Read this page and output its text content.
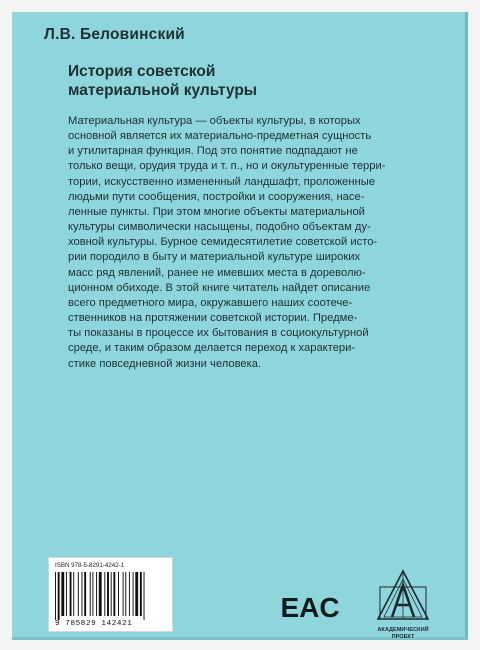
Л.В. Беловинский
История советской
материальной культуры
Материальная культура — объекты культуры, в которых
основной является их материально-предметная сущность
и утилитарная функция. Под это понятие подпадают не
только вещи, орудия труда и т. п., но и окультуренные терри-
тории, искусственно измененный ландшафт, проложенные
людьми пути сообщения, постройки и сооружения, насе-
ленные пункты. При этом многие объекты материальной
культуры символически насыщены, подобно объектам ду-
ховной культуры. Бурное семидесятилетие советской исто-
рии породило в быту и материальной культуре широких
масс ряд явлений, ранее не имевших места в дореволю-
ционном обиходе. В этой книге читатель найдет описание
всего предметного мира, окружавшего наших соотече-
ственников на протяжении советской истории. Предме-
ты показаны в процессе их бытования в социокультурной
среде, и таким образом делается переход к характери-
стике повседневной жизни человека.
ISBN 978-5-8291-4242-1
9 785829 142421
EAC
АКАДЕМИЧЕСКИЙ
ПРОЕКТ
